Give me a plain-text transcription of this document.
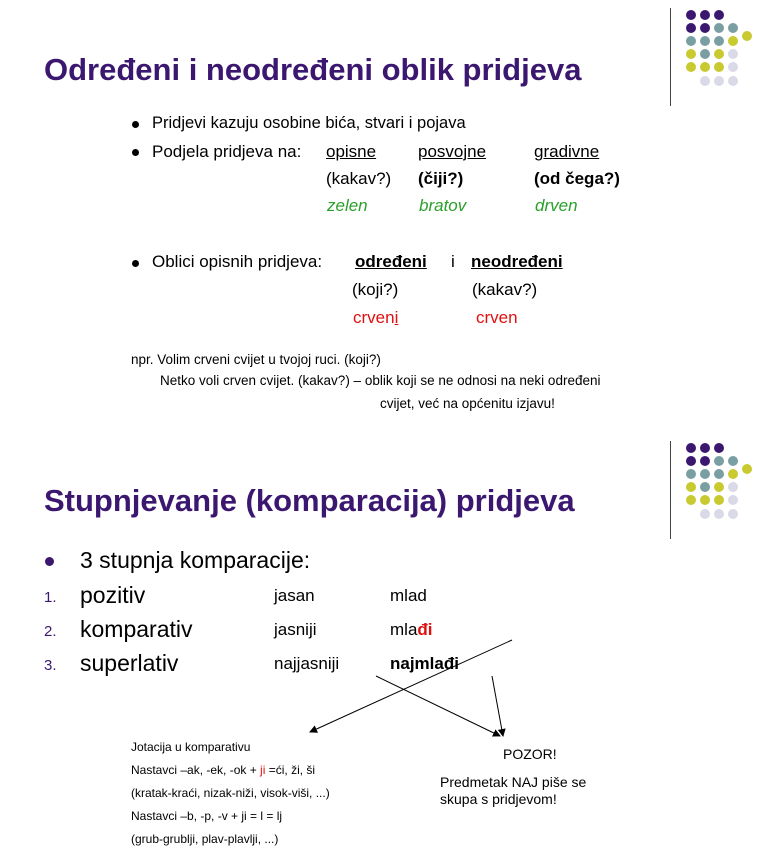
Određeni i neodređeni oblik pridjeva
Pridjevi kazuju osobine bića, stvari i pojava
Podjela pridjeva na: opisne posvojne	gradivne
(kakav?) (čiji?)	(od čega?)
zelen	bratov	drven
Oblici opisnih pridjeva: određeni i neodređeni
(koji?)	(kakav?)
crveni	crven
npr. Volim crveni cvijet u tvojoj ruci. (koji?)
Netko voli crven cvijet. (kakav?) – oblik koji se ne odnosi na neki određeni
cvijet, već na općenitu izjavu!
Stupnjevanje (komparacija) pridjeva
3 stupnja komparacije:
1. pozitiv	jasan	mlad
2. komparativ	jasniji	mlađi
3. superlativ	najjasniji	najmlađi
Jotacija u komparativu
Nastavci –ak, -ek, -ok + ji =ći, ži, ši
(kratak-kraći, nizak-niži, visok-viši, ...)
Nastavci –b, -p, -v + ji = l = lj
(grub-grublji, plav-plavlji, ...)
POZOR!
Predmetak NAJ piše se
skupa s pridjevom!
